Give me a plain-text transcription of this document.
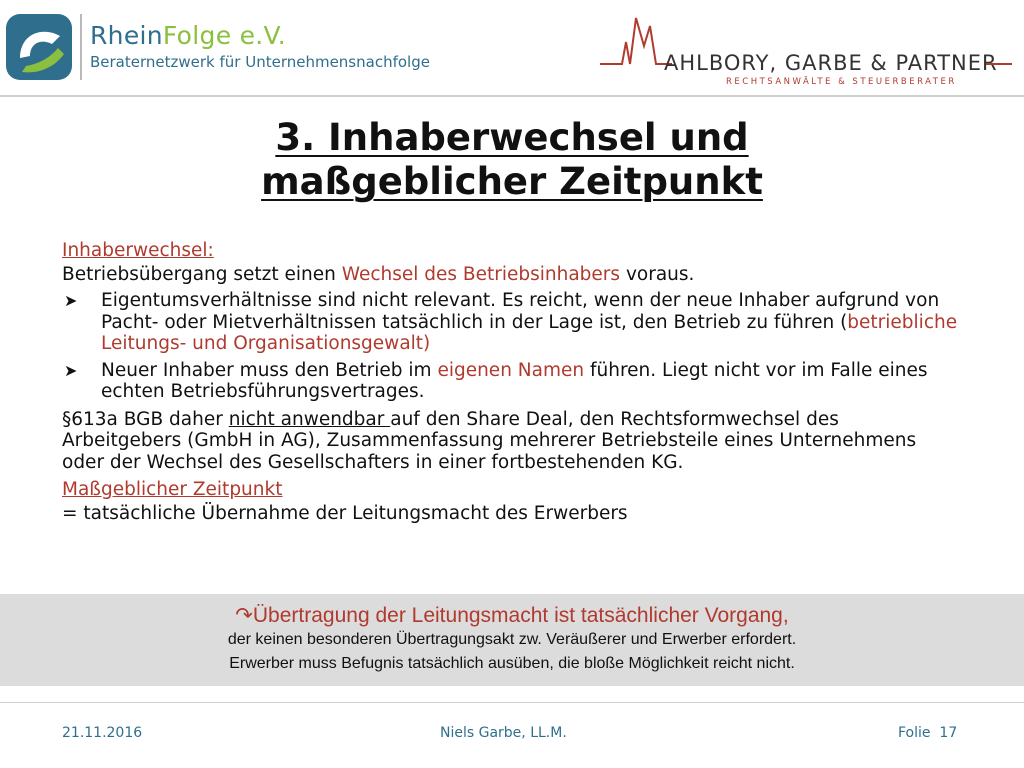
RheinFolge e.V.
Beraternetzwerk für Unternehmensnachfolge	AHLBORY, GARBE & PARTNER
RECHTSANWÄLTE & STEUERBERATER
3. Inhaberwechsel und
maßgeblicher Zeitpunkt
Inhaberwechsel:
Betriebsübergang setzt einen Wechsel des Betriebsinhabers voraus.
➤ Eigentumsverhältnisse sind nicht relevant. Es reicht, wenn der neue Inhaber aufgrund von Pacht- oder Mietverhältnissen tatsächlich in der Lage ist, den Betrieb zu führen (betriebliche Leitungs- und Organisationsgewalt)
➤ Neuer Inhaber muss den Betrieb im eigenen Namen führen. Liegt nicht vor im Falle eines echten Betriebsführungsvertrages.
§613a BGB daher nicht anwendbar auf den Share Deal, den Rechtsformwechsel des Arbeitgebers (GmbH in AG), Zusammenfassung mehrerer Betriebsteile eines Unternehmens oder der Wechsel des Gesellschafters in einer fortbestehenden KG.
Maßgeblicher Zeitpunkt
= tatsächliche Übernahme der Leitungsmacht des Erwerbers
↷Übertragung der Leitungsmacht ist tatsächlicher Vorgang,
der keinen besonderen Übertragungsakt zw. Veräußerer und Erwerber erfordert.
Erwerber muss Befugnis tatsächlich ausüben, die bloße Möglichkeit reicht nicht.
21.11.2016	Niels Garbe, LL.M.	Folie 17
